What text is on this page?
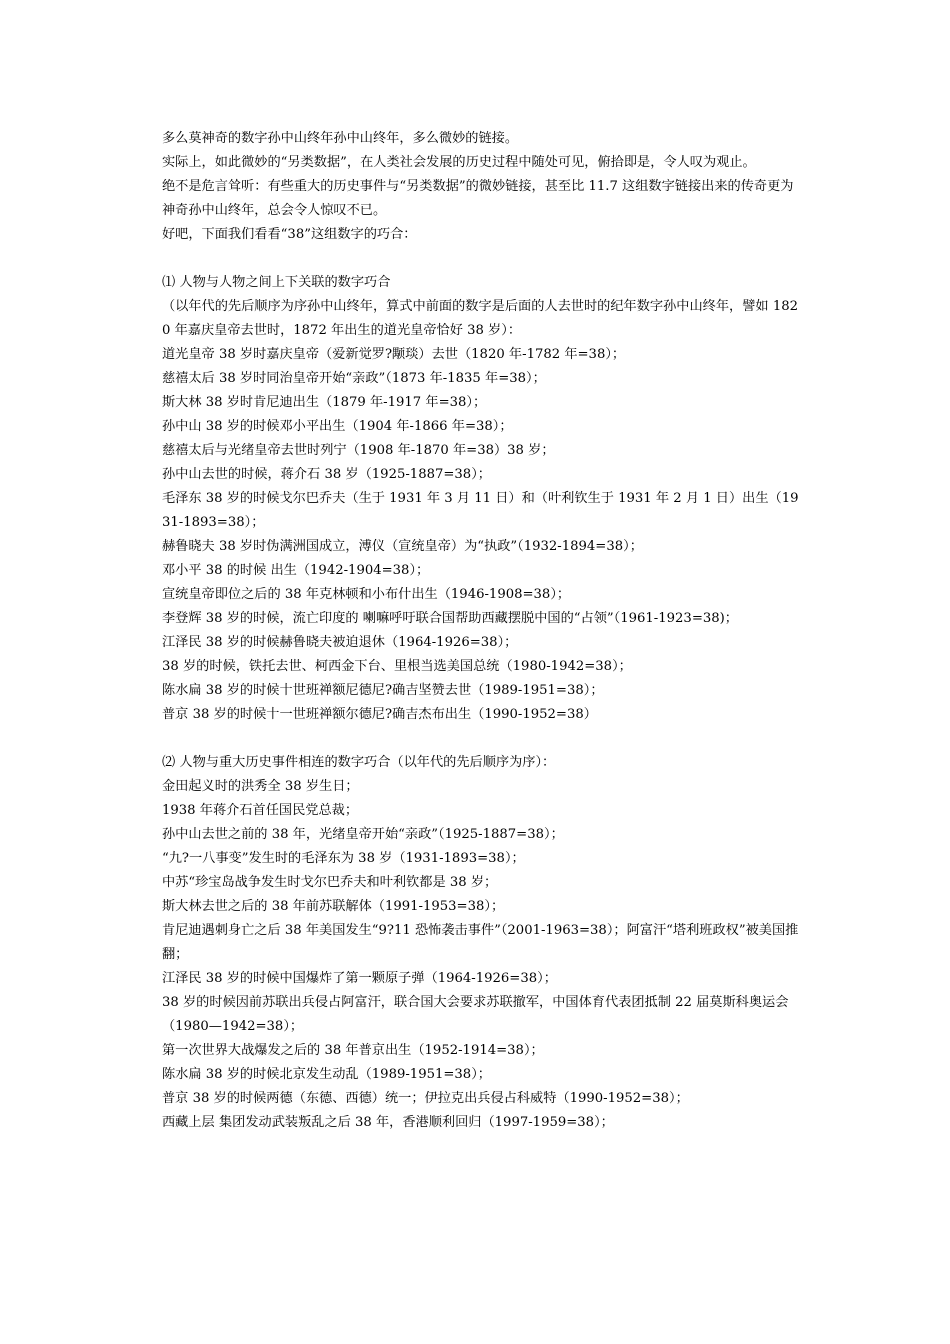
多么莫神奇的数字孙中山终年孙中山终年，多么微妙的链接。

实际上，如此微妙的“另类数据”，在人类社会发展的历史过程中随处可见，俯拾即是，令人叹为观止。

绝不是危言耸听：有些重大的历史事件与“另类数据”的微妙链接，甚至比 11.7 这组数字链接出来的传奇更为神奇孙中山终年，总会令人惊叹不已。

好吧，下面我们看看“38”这组数字的巧合：

⑴ 人物与人物之间上下关联的数字巧合

（以年代的先后顺序为序孙中山终年，算式中前面的数字是后面的人去世时的纪年数字孙中山终年，譬如 1820 年嘉庆皇帝去世时，1872 年出生的道光皇帝恰好 38 岁）：

道光皇帝 38 岁时嘉庆皇帝（爱新觉罗?颙琰）去世（1820 年-1782 年=38）；

慈禧太后 38 岁时同治皇帝开始“亲政”（1873 年-1835 年=38）；

斯大林 38 岁时肯尼迪出生（1879 年-1917 年=38）；

孙中山 38 岁的时候邓小平出生（1904 年-1866 年=38）；

慈禧太后与光绪皇帝去世时列宁（1908 年-1870 年=38）38 岁；

孙中山去世的时候，蒋介石 38 岁（1925-1887=38）；

毛泽东 38 岁的时候戈尔巴乔夫（生于 1931 年 3 月 11 日）和（叶利钦生于 1931 年 2 月 1 日）出生（1931-1893=38）；

赫鲁晓夫 38 岁时伪满洲国成立，溥仪（宣统皇帝）为“执政”（1932-1894=38）；

邓小平 38 的时候 出生（1942-1904=38）；

宣统皇帝即位之后的 38 年克林顿和小布什出生（1946-1908=38）；

李登辉 38 岁的时候，流亡印度的 喇嘛呼吁联合国帮助西藏摆脱中国的“占领”（1961-1923=38)；

江泽民 38 岁的时候赫鲁晓夫被迫退休（1964-1926=38）；

38 岁的时候，铁托去世、柯西金下台、里根当选美国总统（1980-1942=38）；

陈水扁 38 岁的时候十世班禅额尼德尼?确吉坚赞去世（1989-1951=38）；

普京 38 岁的时候十一世班禅额尔德尼?确吉杰布出生（1990-1952=38）

⑵ 人物与重大历史事件相连的数字巧合（以年代的先后顺序为序）：

金田起义时的洪秀全 38 岁生日；

1938 年蒋介石首任国民党总裁；

孙中山去世之前的 38 年，光绪皇帝开始“亲政”（1925-1887=38）；

“九?一八事变”发生时的毛泽东为 38 岁（1931-1893=38）；

中苏“珍宝岛战争发生时戈尔巴乔夫和叶利钦都是 38 岁；

斯大林去世之后的 38 年前苏联解体（1991-1953=38）；

肯尼迪遇刺身亡之后 38 年美国发生“9?11 恐怖袭击事件”（2001-1963=38）；阿富汗“塔利班政权”被美国推翻；

江泽民 38 岁的时候中国爆炸了第一颗原子弹（1964-1926=38）；

38 岁的时候因前苏联出兵侵占阿富汗，联合国大会要求苏联撤军，中国体育代表团抵制 22 届莫斯科奥运会（1980—1942=38）；

第一次世界大战爆发之后的 38 年普京出生（1952-1914=38）；

陈水扁 38 岁的时候北京发生动乱（1989-1951=38）；

普京 38 岁的时候两德（东德、西德）统一；伊拉克出兵侵占科威特（1990-1952=38）；

西藏上层 集团发动武装叛乱之后 38 年，香港顺利回归（1997-1959=38）；
